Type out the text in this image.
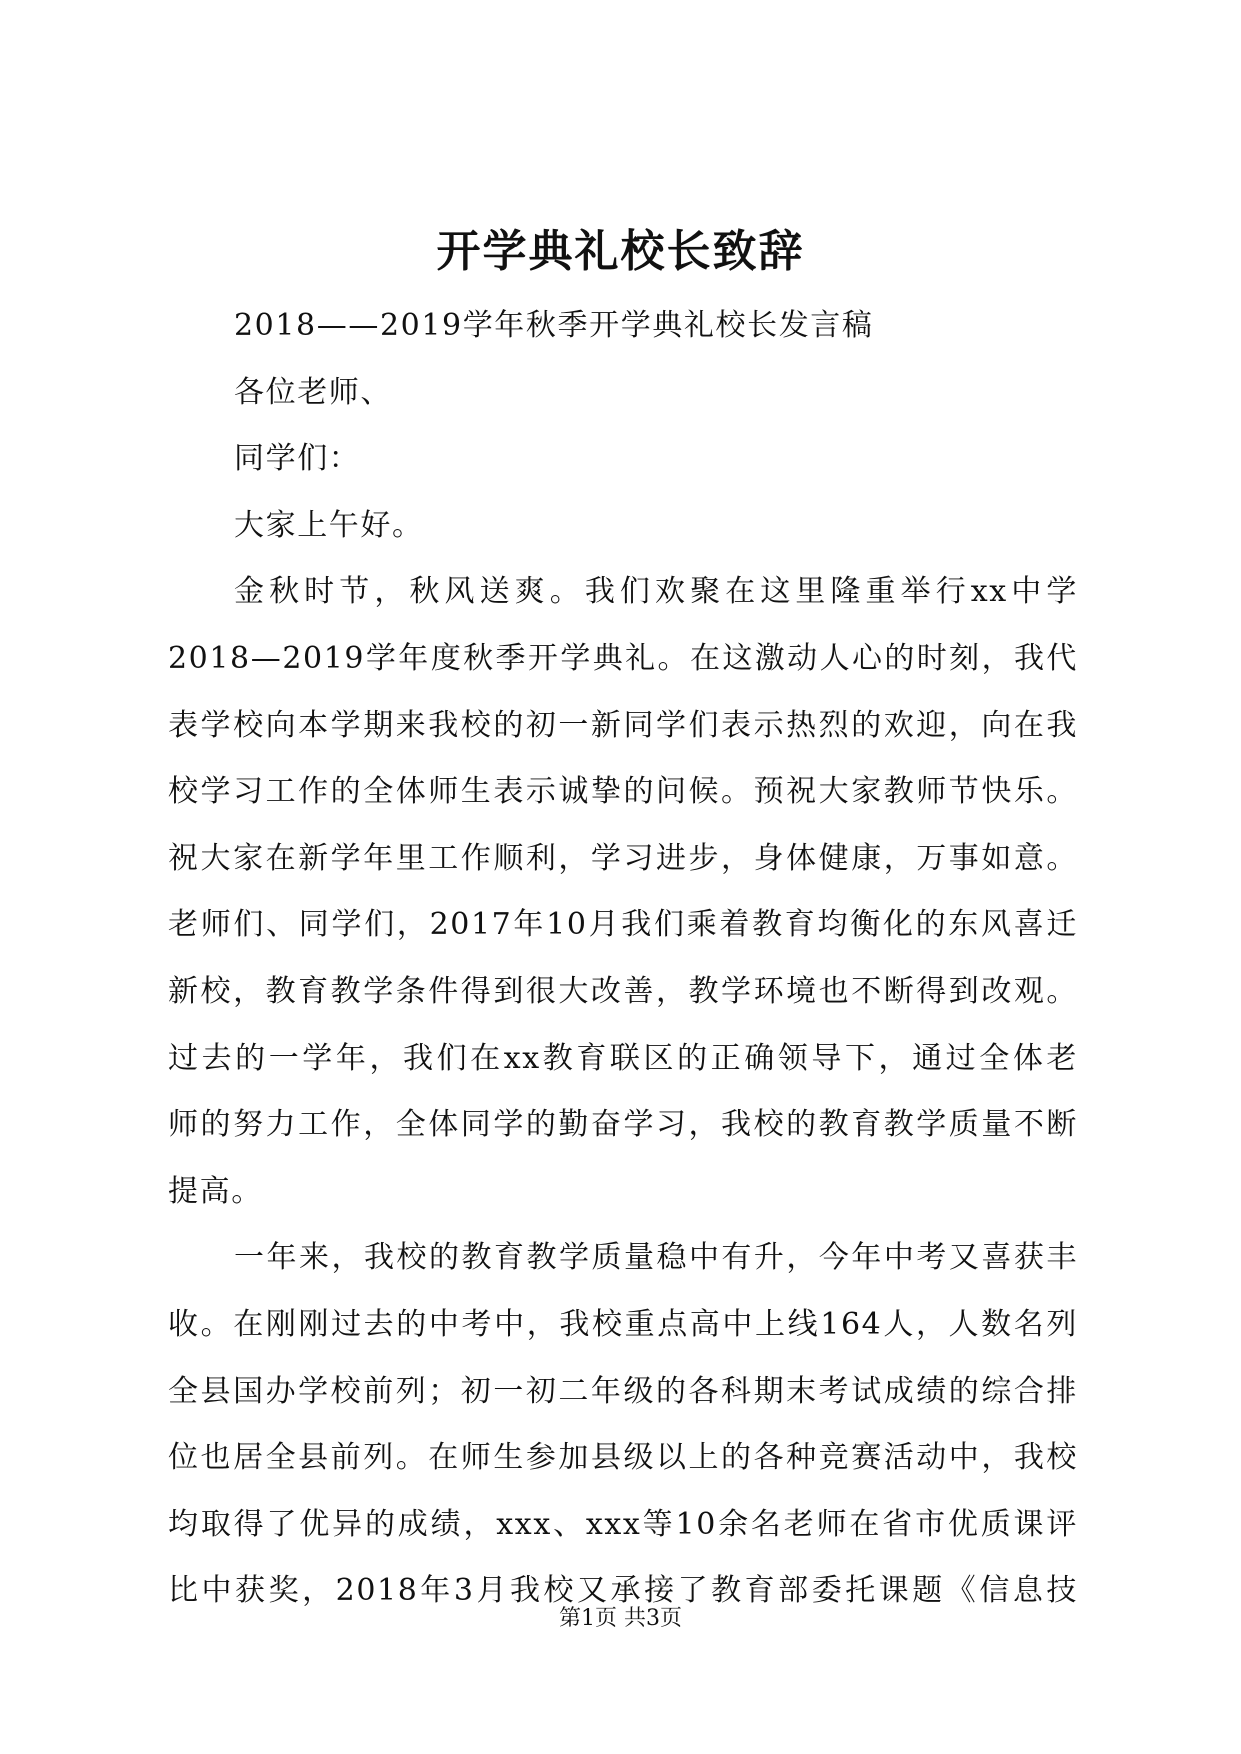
开学典礼校长致辞
2018——2019学年秋季开学典礼校长发言稿
各位老师、
同学们：
大家上午好。
金秋时节，秋风送爽。我们欢聚在这里隆重举行xx中学
2018—2019学年度秋季开学典礼。在这激动人心的时刻，我代
表学校向本学期来我校的初一新同学们表示热烈的欢迎，向在我
校学习工作的全体师生表示诚挚的问候。预祝大家教师节快乐。
祝大家在新学年里工作顺利，学习进步，身体健康，万事如意。
老师们、同学们，2017年10月我们乘着教育均衡化的东风喜迁
新校，教育教学条件得到很大改善，教学环境也不断得到改观。
过去的一学年，我们在xx教育联区的正确领导下，通过全体老
师的努力工作，全体同学的勤奋学习，我校的教育教学质量不断
提高。
一年来，我校的教育教学质量稳中有升，今年中考又喜获丰
收。在刚刚过去的中考中，我校重点高中上线164人，人数名列
全县国办学校前列；初一初二年级的各科期末考试成绩的综合排
位也居全县前列。在师生参加县级以上的各种竞赛活动中，我校
均取得了优异的成绩，xxx、xxx等10余名老师在省市优质课评
比中获奖，2018年3月我校又承接了教育部委托课题《信息技
第1页 共3页
